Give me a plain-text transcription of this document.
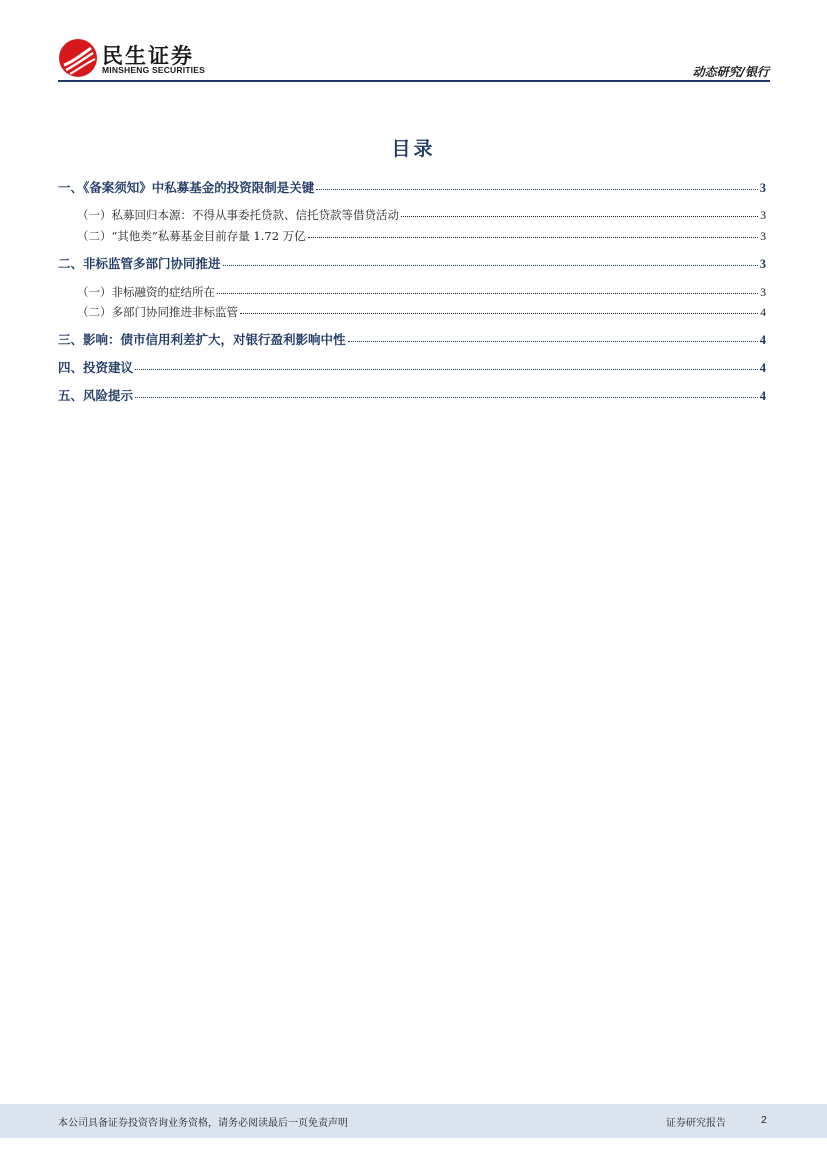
民生证券
MINSHENG SECURITIES	动态研究/银行
目录
一、《备案须知》中私募基金的投资限制是关键	3
（一）私募回归本源：不得从事委托贷款、信托贷款等借贷活动	3
（二）“其他类”私募基金目前存量 1.72 万亿	3
二、非标监管多部门协同推进	3
（一）非标融资的症结所在	3
（二）多部门协同推进非标监管	4
三、影响：债市信用利差扩大，对银行盈利影响中性	4
四、投资建议	4
五、风险提示	4
本公司具备证券投资咨询业务资格，请务必阅读最后一页免责声明	证券研究报告	2
